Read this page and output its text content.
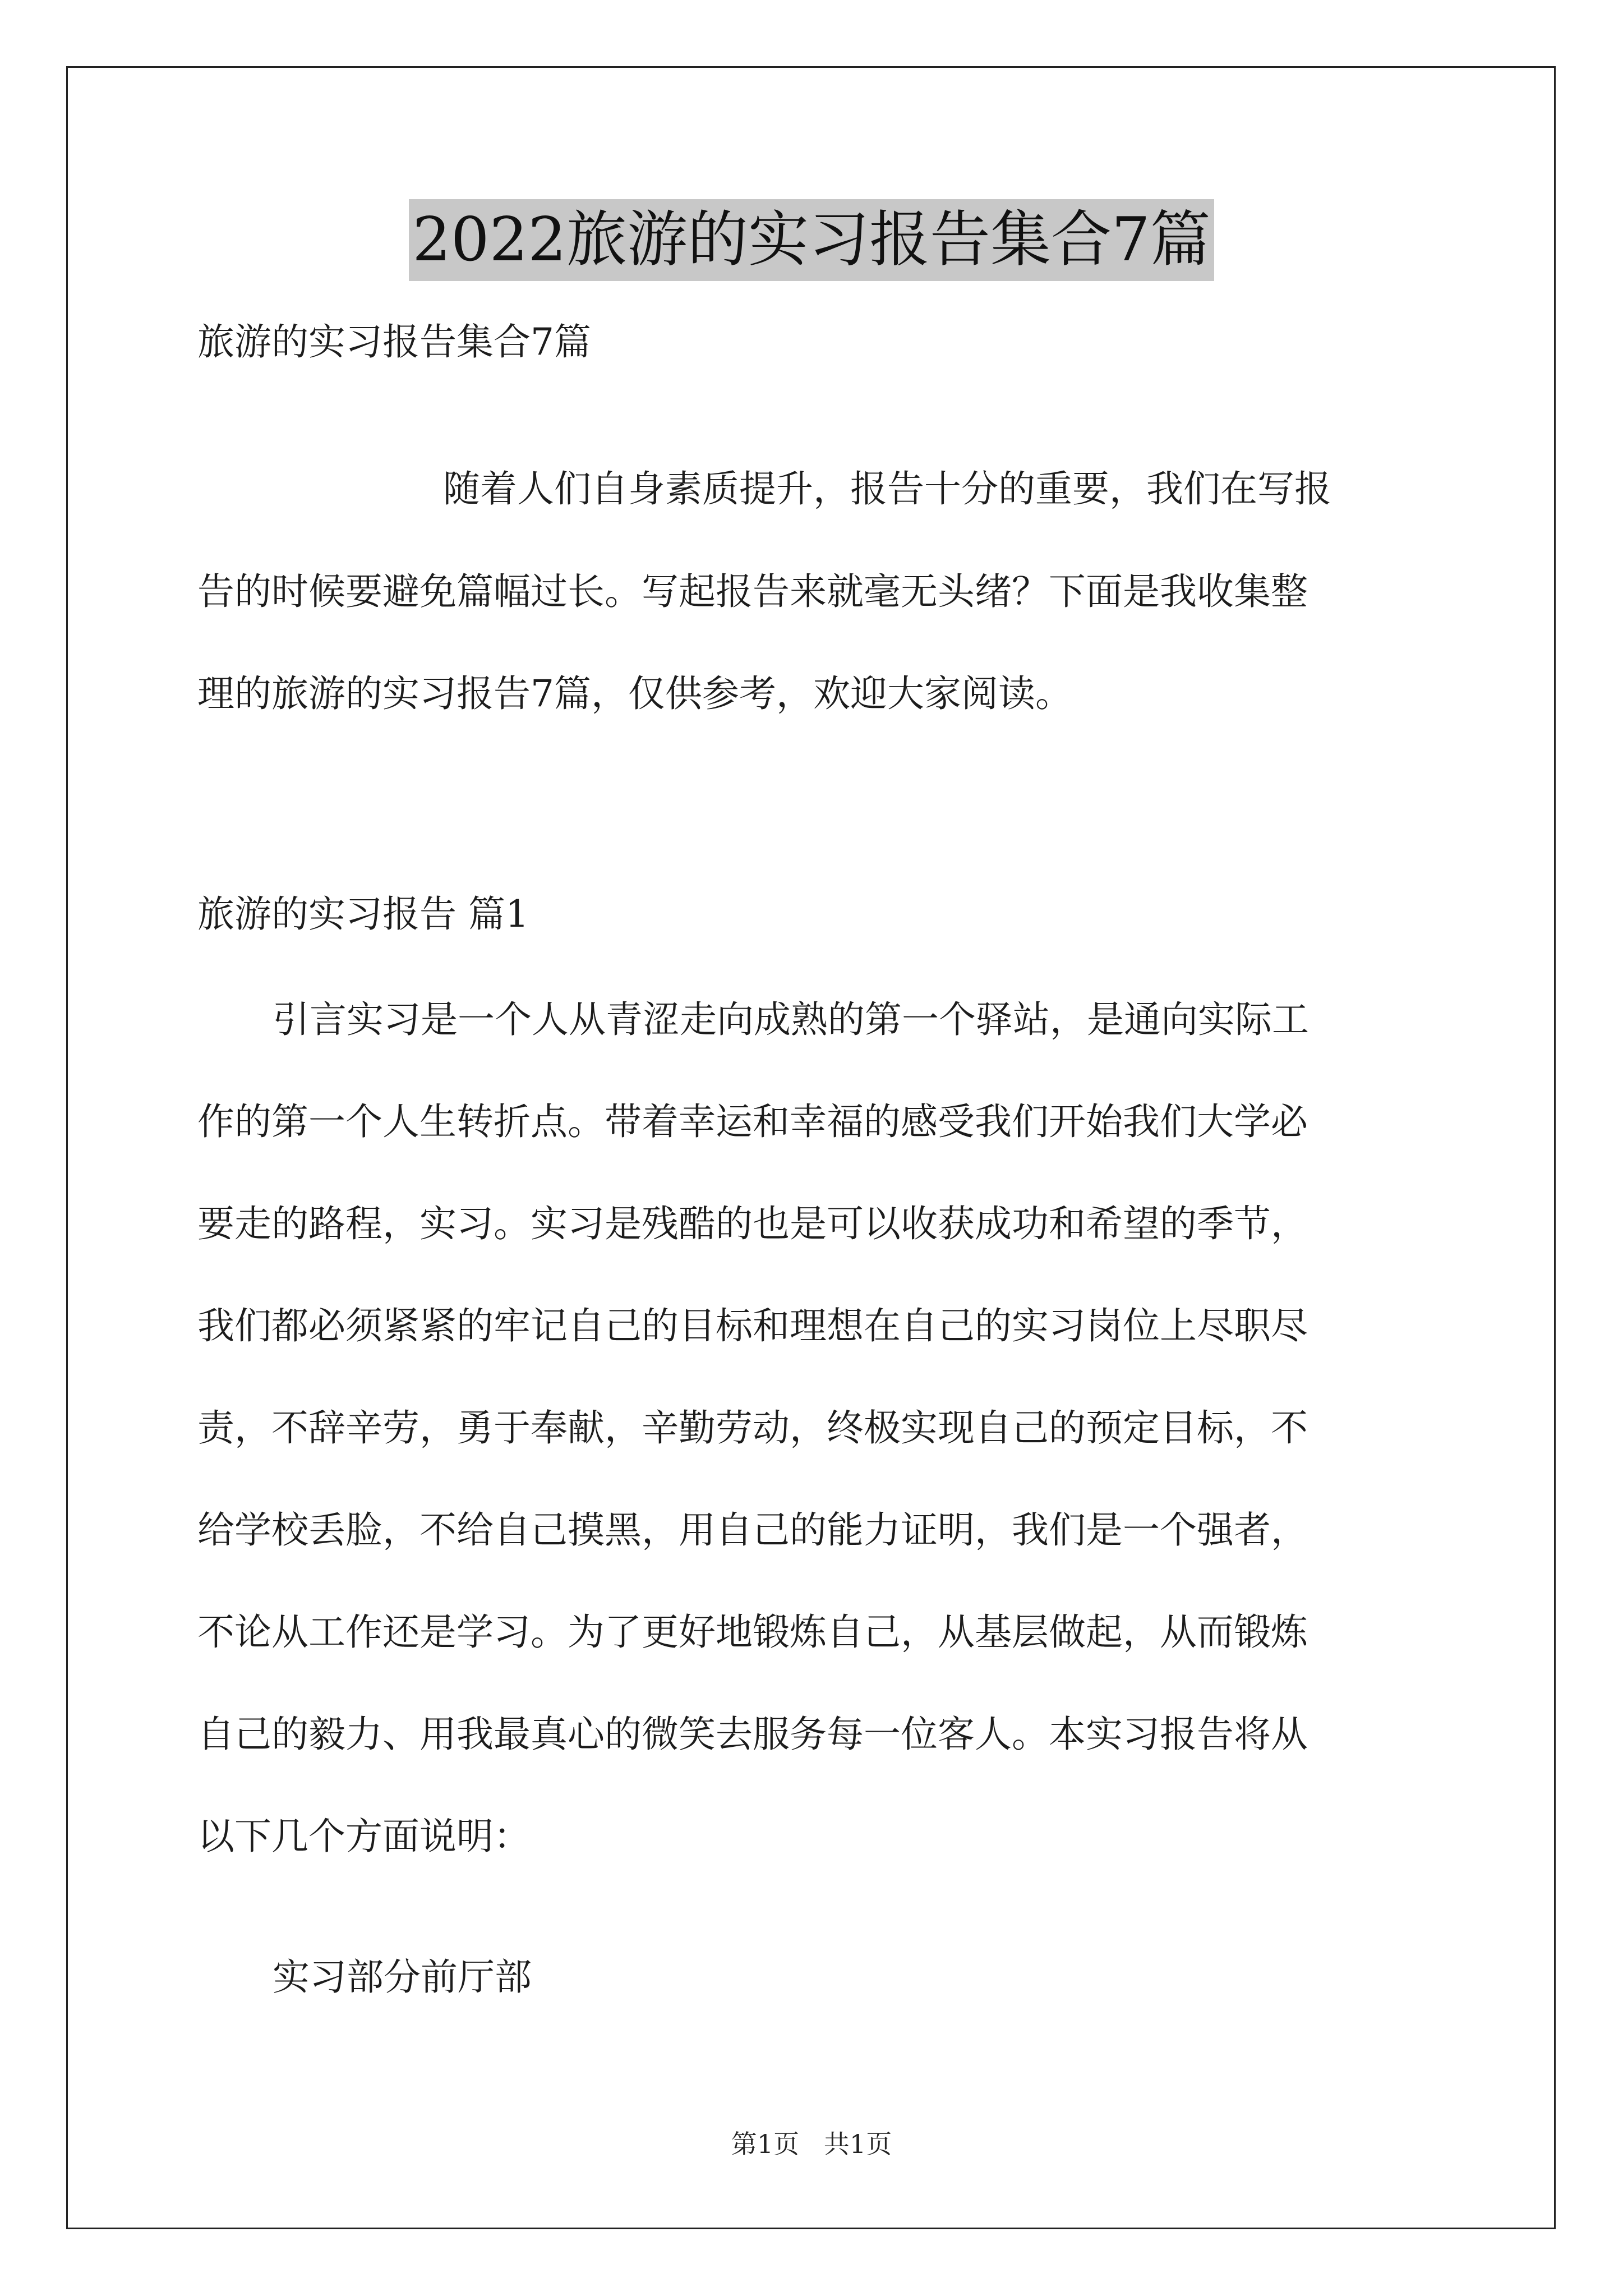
2022旅游的实习报告集合7篇
旅游的实习报告集合7篇
随着人们自身素质提升，报告十分的重要，我们在写报
告的时候要避免篇幅过长。写起报告来就毫无头绪？下面是我收集整
理的旅游的实习报告7篇，仅供参考，欢迎大家阅读。
旅游的实习报告 篇1
引言实习是一个人从青涩走向成熟的第一个驿站，是通向实际工
作的第一个人生转折点。带着幸运和幸福的感受我们开始我们大学必
要走的路程，实习。实习是残酷的也是可以收获成功和希望的季节，
我们都必须紧紧的牢记自己的目标和理想在自己的实习岗位上尽职尽
责，不辞辛劳，勇于奉献，辛勤劳动，终极实现自己的预定目标，不
给学校丢脸，不给自己摸黑，用自己的能力证明，我们是一个强者，
不论从工作还是学习。为了更好地锻炼自己，从基层做起，从而锻炼
自己的毅力、用我最真心的微笑去服务每一位客人。本实习报告将从
以下几个方面说明：
实习部分前厅部
第1页   共1页
